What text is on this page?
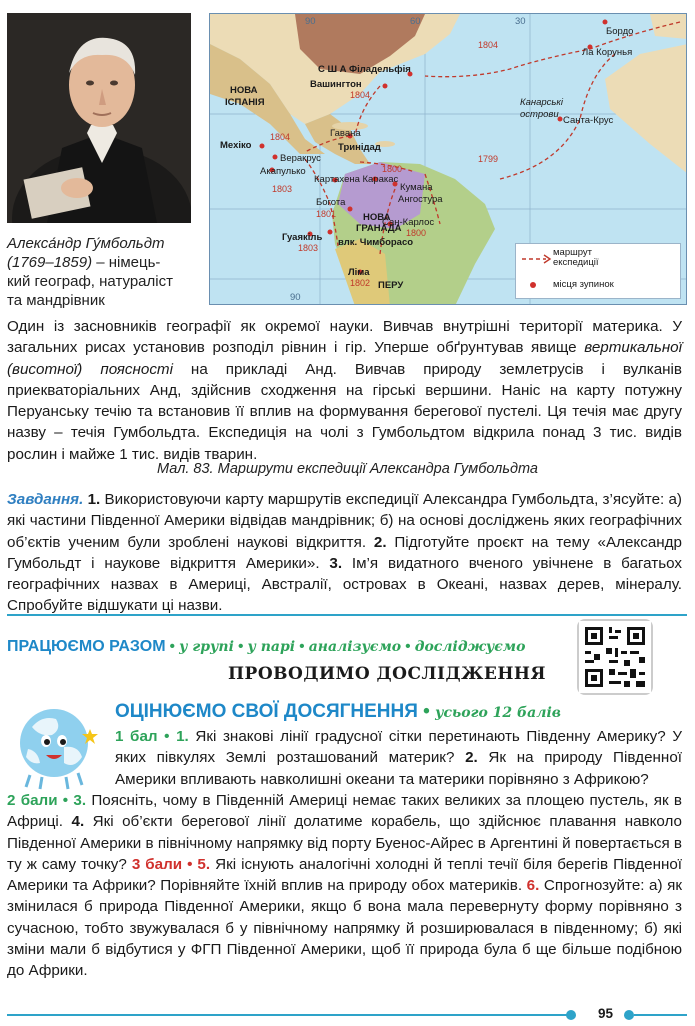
Алекса́ндр Гу́мбольдт
(1769–1859) – німець-
кий географ, натураліст
та мандрівник
Бордо
Ла Корунья
С Ш А Філадельфія
Вашингтон
НОВА
ІСПАНІЯ	Канарські
острови
Санта-Крус
Гавана
Мехіко	Тринідад
Веракрус
Акапулько
Картахена Каракас
Кумана
Ангостура
Богота
НОВА
ГРАНАДА
Сан-Карлос
Гуаякіль влк. Чимборасо
Ліма
ПЕРУ
1804
1804
1804
1799
1800
1800
1801
1803
1803
1802
90	60	30
90
маршрут експедиції
місця зупинок
Один із засновників географії як окремої науки. Вивчав внутрішні території материка. У загальних рисах установив розподіл рівнин і гір. Уперше обґрунтував явище вертикальної (висотної) поясності на прикладі Анд. Вивчав природу землетрусів і вулканів приекваторіальних Анд, здійснив сходження на гірські вершини. Наніс на карту потужну Перуанську течію та встановив її вплив на формування берегової пустелі. Ця течія має другу назву – течія Гумбольдта. Експедиція на чолі з Гумбольдтом відкрила понад 3 тис. видів рослин і майже 1 тис. видів тварин.
Мал. 83. Маршрути експедиції Александра Гумбольдта
Завдання. 1. Використовуючи карту маршрутів експедиції Александра Гумбольдта, з’ясуйте: а) які частини Південної Америки відвідав мандрівник; б) на основі досліджень яких географічних об’єктів ученим були зроблені наукові відкриття. 2. Підготуйте проєкт на тему «Александр Гумбольдт і наукове відкриття Америки». 3. Ім’я видатного вченого увічнене в багатьох географічних назвах в Америці, Австралії, островах в Океані, назвах дерев, мінералу. Спробуйте відшукати ці назви.
ПРАЦЮЄМО РАЗОМ • у групі • у парі • аналізуємо • досліджуємо
ПРОВОДИМО ДОСЛІДЖЕННЯ
ОЦІНЮЄМО СВОЇ ДОСЯГНЕННЯ • усього 12 балів
1 бал • 1. Які знакові лінії градусної сітки перетинають Південну Америку? У яких півкулях Землі розташований материк? 2. Як на природу Південної Америки впливають навколишні океани та материки порівняно з Африкою?
2 бали • 3. Поясніть, чому в Південній Америці немає таких великих за площею пустель, як в Африці. 4. Які об’єкти берегової лінії долатиме корабель, що здійснює плавання навколо Південної Америки в північному напрямку від порту Буенос-Айрес в Аргентині й повертається в ту ж саму точку? 3 бали • 5. Які існують аналогічні холодні й теплі течії біля берегів Південної Америки та Африки? Порівняйте їхній вплив на природу обох материків. 6. Спрогнозуйте: а) як змінилася б природа Південної Америки, якщо б вона мала перевернуту форму порівняно з сучасною, тобто звужувалася б у північному напрямку й розширювалася в південному; б) які зміни мали б відбутися у ФГП Південної Америки, щоб її природа була б ще більше подібною до Африки.
95
